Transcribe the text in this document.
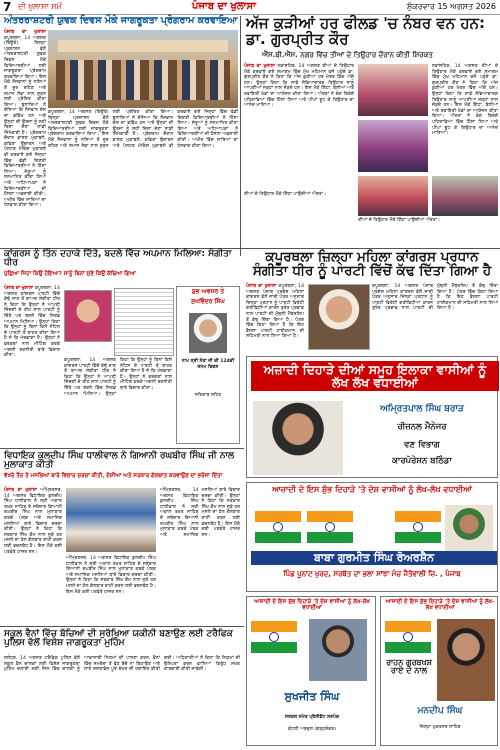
7 ਦੀ ਖੁਲਾਸਾ ਸਮੇਂ	ਪੰਜਾਬ ਦਾ ਖੁਲਾਸਾ	ਸ਼ੁੱਕਰਵਾਰ 15 ਅਗਸਤ 2026
ਅੰਤਰਰਾਸ਼ਟਰੀ ਯੁਵਕ ਦਿਵਸ ਮੌਕੇ ਜਾਗਰੂਕਤਾ ਪ੍ਰੋਗਰਾਮ ਕਰਵਾਇਆ
ਪੰਜਾਬ ਦਾ ਖੁਲਾਸਾ ਕਪੂਰਥਲਾ, 14 ਅਗਸਤ (ਬਿਊਰੋ) ਜ਼ਿਲ੍ਹਾ ਪ੍ਰਸ਼ਾਸਨ ਵੱਲੋਂ ਅੰਤਰਰਾਸ਼ਟਰੀ ਯੁਵਕ ਦਿਵਸ ਮੌਕੇ ਵਿਦਿਆਰਥੀਆਂ ਲਈ ਜਾਗਰੂਕਤਾ ਪ੍ਰੋਗਰਾਮ ਕਰਵਾਇਆ ਗਿਆ। ਇਸ ਮੌਕੇ ਨੌਜਵਾਨਾਂ ਨੂੰ ਨਸ਼ਿਆਂ ਤੋਂ ਦੂਰ ਰਹਿਣ ਅਤੇ ਸਮਾਜ ਸੇਵਾ ਨਾਲ ਜੁੜਨ ਲਈ ਪ੍ਰੇਰਿਤ ਕੀਤਾ ਗਿਆ। ਬੁਲਾਰਿਆਂ ਨੇ ਦੱਸਿਆ ਕਿ ਨੌਜਵਾਨ ਦੇਸ਼ ਦਾ ਭਵਿੱਖ ਹਨ ਅਤੇ ਉਨ੍ਹਾਂ ਦੀ ਊਰਜਾ ਨੂੰ ਸਹੀ ਦਿਸ਼ਾ ਦੇਣਾ ਸਾਡੀ ਜ਼ਿੰਮੇਵਾਰੀ ਹੈ। ਪ੍ਰੋਗਰਾਮ ਦੌਰਾਨ ਭਾਸ਼ਣ ਮੁਕਾਬਲੇ, ਕਵਿਤਾ ਉਚਾਰਨ ਅਤੇ ਪੋਸਟਰ ਮੇਕਿੰਗ ਮੁਕਾਬਲੇ ਵੀ ਕਰਵਾਏ ਗਏ ਜਿਨ੍ਹਾਂ ਵਿੱਚ ਵੱਡੀ ਗਿਣਤੀ ਵਿਦਿਆਰਥੀਆਂ ਨੇ ਹਿੱਸਾ ਲਿਆ। ਜੇਤੂਆਂ ਨੂੰ ਸਨਮਾਨਿਤ ਕੀਤਾ ਗਿਆ ਅਤੇ ਅਧਿਆਪਕਾਂ ਨੇ ਵਿਦਿਆਰਥੀਆਂ ਦੀ ਹੌਸਲਾ ਅਫ਼ਜ਼ਾਈ ਕੀਤੀ। ਅਖੀਰ ਵਿੱਚ ਸਾਰਿਆਂ ਦਾ ਧੰਨਵਾਦ ਕੀਤਾ ਗਿਆ।
ਕਪੂਰਥਲਾ, 14 ਅਗਸਤ (ਬਿਊਰੋ) ਜ਼ਿਲ੍ਹਾ ਪ੍ਰਸ਼ਾਸਨ ਵੱਲੋਂ ਅੰਤਰਰਾਸ਼ਟਰੀ ਯੁਵਕ ਦਿਵਸ ਮੌਕੇ ਵਿਦਿਆਰਥੀਆਂ ਲਈ ਜਾਗਰੂਕਤਾ ਪ੍ਰੋਗਰਾਮ ਕਰਵਾਇਆ ਗਿਆ। ਇਸ ਮੌਕੇ ਨੌਜਵਾਨਾਂ ਨੂੰ ਨਸ਼ਿਆਂ ਤੋਂ ਦੂਰ ਰਹਿਣ ਅਤੇ ਸਮਾਜ ਸੇਵਾ ਨਾਲ ਜੁੜਨ ਲਈ ਪ੍ਰੇਰਿਤ ਕੀਤਾ ਗਿਆ। ਬੁਲਾਰਿਆਂ ਨੇ ਦੱਸਿਆ ਕਿ ਨੌਜਵਾਨ ਦੇਸ਼ ਦਾ ਭਵਿੱਖ ਹਨ ਅਤੇ ਉਨ੍ਹਾਂ ਦੀ ਊਰਜਾ ਨੂੰ ਸਹੀ ਦਿਸ਼ਾ ਦੇਣਾ ਸਾਡੀ ਜ਼ਿੰਮੇਵਾਰੀ ਹੈ। ਪ੍ਰੋਗਰਾਮ ਦੌਰਾਨ ਭਾਸ਼ਣ ਮੁਕਾਬਲੇ, ਕਵਿਤਾ ਉਚਾਰਨ ਅਤੇ ਪੋਸਟਰ ਮੇਕਿੰਗ ਮੁਕਾਬਲੇ ਵੀ ਕਰਵਾਏ ਗਏ ਜਿਨ੍ਹਾਂ ਵਿੱਚ ਵੱਡੀ ਗਿਣਤੀ ਵਿਦਿਆਰਥੀਆਂ ਨੇ ਹਿੱਸਾ ਲਿਆ। ਜੇਤੂਆਂ ਨੂੰ ਸਨਮਾਨਿਤ ਕੀਤਾ ਗਿਆ ਅਤੇ ਅਧਿਆਪਕਾਂ ਨੇ ਵਿਦਿਆਰਥੀਆਂ ਦੀ ਹੌਸਲਾ ਅਫ਼ਜ਼ਾਈ ਕੀਤੀ। ਅਖੀਰ ਵਿੱਚ ਸਾਰਿਆਂ ਦਾ ਧੰਨਵਾਦ ਕੀਤਾ ਗਿਆ।
ਅੱਜ ਕੁੜੀਆਂ ਹਰ ਫੀਲਡ 'ਚ ਨੰਬਰ ਵਨ ਹਨ: ਡਾ. ਗੁਰਪ੍ਰੀਤ ਕੌਰ
ਐੱਸ.ਬੀ.ਐੱਸ. ਨਗਰ ਵਿੱਚ ਤੀਆਂ ਦੇ ਤਿਉਹਾਰ ਦੌਰਾਨ ਕੀਤੀ ਸ਼ਿਰਕਤ
ਪੰਜਾਬ ਦਾ ਖੁਲਾਸਾ ਨਵਾਂਸ਼ਹਿਰ, 14 ਅਗਸਤ ਤੀਆਂ ਦੇ ਤਿਉਹਾਰ ਮੌਕੇ ਕਰਵਾਏ ਗਏ ਸਮਾਗਮ ਵਿੱਚ ਮੁੱਖ ਮਹਿਮਾਨ ਵਜੋਂ ਪਹੁੰਚੇ ਡਾ. ਗੁਰਪ੍ਰੀਤ ਕੌਰ ਨੇ ਕਿਹਾ ਕਿ ਅੱਜ ਕੁੜੀਆਂ ਹਰ ਖੇਤਰ ਵਿੱਚ ਅੱਗੇ ਹਨ। ਉਨ੍ਹਾਂ ਕਿਹਾ ਕਿ ਸਾਡੇ ਸੱਭਿਆਚਾਰਕ ਤਿਉਹਾਰ ਸਾਨੂੰ ਆਪਣੀਆਂ ਜੜ੍ਹਾਂ ਨਾਲ ਜੋੜਦੇ ਹਨ। ਇਸ ਮੌਕੇ ਗਿੱਧਾ, ਬੋਲੀਆਂ ਅਤੇ ਰਵਾਇਤੀ ਖੇਡਾਂ ਦਾ ਆਯੋਜਨ ਕੀਤਾ ਗਿਆ। ਔਰਤਾਂ ਨੇ ਰੰਗ ਬਿਰੰਗੇ ਪਹਿਰਾਵਿਆਂ ਵਿੱਚ ਹਿੱਸਾ ਲਿਆ ਅਤੇ ਪੀਂਘਾਂ ਝੂਟ ਕੇ ਤਿਉਹਾਰ ਦਾ ਆਨੰਦ ਮਾਣਿਆ।
ਨਵਾਂਸ਼ਹਿਰ, 14 ਅਗਸਤ ਤੀਆਂ ਦੇ ਤਿਉਹਾਰ ਮੌਕੇ ਕਰਵਾਏ ਗਏ ਸਮਾਗਮ ਵਿੱਚ ਮੁੱਖ ਮਹਿਮਾਨ ਵਜੋਂ ਪਹੁੰਚੇ ਡਾ. ਗੁਰਪ੍ਰੀਤ ਕੌਰ ਨੇ ਕਿਹਾ ਕਿ ਅੱਜ ਕੁੜੀਆਂ ਹਰ ਖੇਤਰ ਵਿੱਚ ਅੱਗੇ ਹਨ। ਉਨ੍ਹਾਂ ਕਿਹਾ ਕਿ ਸਾਡੇ ਸੱਭਿਆਚਾਰਕ ਤਿਉਹਾਰ ਸਾਨੂੰ ਆਪਣੀਆਂ ਜੜ੍ਹਾਂ ਨਾਲ ਜੋੜਦੇ ਹਨ। ਇਸ ਮੌਕੇ ਗਿੱਧਾ, ਬੋਲੀਆਂ ਅਤੇ ਰਵਾਇਤੀ ਖੇਡਾਂ ਦਾ ਆਯੋਜਨ ਕੀਤਾ ਗਿਆ। ਔਰਤਾਂ ਨੇ ਰੰਗ ਬਿਰੰਗੇ ਪਹਿਰਾਵਿਆਂ ਵਿੱਚ ਹਿੱਸਾ ਲਿਆ ਅਤੇ ਪੀਂਘਾਂ ਝੂਟ ਕੇ ਤਿਉਹਾਰ ਦਾ ਆਨੰਦ ਮਾਣਿਆ।
ਤੀਆਂ ਦੇ ਤਿਉਹਾਰ ਮੌਕੇ ਗਿੱਧਾ ਪਾਉਂਦੀਆਂ ਔਰਤਾਂ।
ਤੀਆਂ ਦੇ ਤਿਉਹਾਰ ਮੌਕੇ ਗਿੱਧਾ ਪਾਉਂਦੀਆਂ ਔਰਤਾਂ।
ਕਪੂਰਥਲਾ ਜ਼ਿਲ੍ਹਾ ਮਹਿਲਾ ਕਾਂਗਰਸ ਪ੍ਰਧਾਨ ਸੰਗੀਤਾ ਧੀਰ ਨੂੰ ਪਾਰਟੀ ਵਿੱਚੋਂ ਕੱਢ ਦਿੱਤਾ ਗਿਆ ਹੈ
ਕਾਂਗਰਸ ਨੂੰ ਤਿੰਨ ਦਹਾਕੇ ਦਿੱਤੇ, ਬਦਲੇ ਵਿੱਚ ਅਪਮਾਨ ਮਿਲਿਆ: ਸੰਗੀਤਾ ਧੀਰ
ਪੁੱਛਿਆ ਜਿਹਾ ਕਿਉਂ ਹੋਇਆ? ਸਾਨੂੰ ਬਿਨਾਂ ਸੁਣੇ ਕਿਉਂ ਕੱਢਿਆ ਗਿਆ
ਪੰਜਾਬ ਦਾ ਖੁਲਾਸਾ ਕਪੂਰਥਲਾ, 14 ਅਗਸਤ ਕਾਂਗਰਸ ਪਾਰਟੀ ਵਿੱਚੋਂ ਕੱਢੇ ਜਾਣ ਤੋਂ ਬਾਅਦ ਸੰਗੀਤਾ ਧੀਰ ਨੇ ਕਿਹਾ ਕਿ ਉਨ੍ਹਾਂ ਨੇ ਆਪਣੀ ਜ਼ਿੰਦਗੀ ਦੇ ਤੀਹ ਸਾਲ ਪਾਰਟੀ ਨੂੰ ਦਿੱਤੇ ਪਰ ਬਦਲੇ ਵਿੱਚ ਸਿਰਫ਼ ਅਪਮਾਨ ਮਿਲਿਆ। ਉਨ੍ਹਾਂ ਕਿਹਾ ਕਿ ਉਨ੍ਹਾਂ ਨੂੰ ਬਿਨਾਂ ਕਿਸੇ ਨੋਟਿਸ ਦੇ ਪਾਰਟੀ ਤੋਂ ਬਾਹਰ ਕੀਤਾ ਗਿਆ ਹੈ ਜੋ ਕਿ ਮੰਦਭਾਗਾ ਹੈ। ਉਨ੍ਹਾਂ ਨੇ ਵਰਕਰਾਂ ਨਾਲ ਮੀਟਿੰਗ ਕਰਕੇ ਅਗਲੀ ਰਣਨੀਤੀ ਬਾਰੇ ਵਿਚਾਰ ਕੀਤਾ।
ਕਪੂਰਥਲਾ, 14 ਅਗਸਤ ਕਾਂਗਰਸ ਪਾਰਟੀ ਵਿੱਚੋਂ ਕੱਢੇ ਜਾਣ ਤੋਂ ਬਾਅਦ ਸੰਗੀਤਾ ਧੀਰ ਨੇ ਕਿਹਾ ਕਿ ਉਨ੍ਹਾਂ ਨੇ ਆਪਣੀ ਜ਼ਿੰਦਗੀ ਦੇ ਤੀਹ ਸਾਲ ਪਾਰਟੀ ਨੂੰ ਦਿੱਤੇ ਪਰ ਬਦਲੇ ਵਿੱਚ ਸਿਰਫ਼ ਅਪਮਾਨ ਮਿਲਿਆ। ਉਨ੍ਹਾਂ ਕਿਹਾ ਕਿ ਉਨ੍ਹਾਂ ਨੂੰ ਬਿਨਾਂ ਕਿਸੇ ਨੋਟਿਸ ਦੇ ਪਾਰਟੀ ਤੋਂ ਬਾਹਰ ਕੀਤਾ ਗਿਆ ਹੈ ਜੋ ਕਿ ਮੰਦਭਾਗਾ ਹੈ। ਉਨ੍ਹਾਂ ਨੇ ਵਰਕਰਾਂ ਨਾਲ ਮੀਟਿੰਗ ਕਰਕੇ ਅਗਲੀ ਰਣਨੀਤੀ ਬਾਰੇ ਵਿਚਾਰ ਕੀਤਾ।
ਸ਼ੁਭ ਅਵਸਰ ਤੇ
ਸੁਖਵਿੰਦਰ ਸਿੰਘ
ਨਾਮ ਸ੍ਰੀ ਨੇਤਾ ਜੀ ਦੀ 124ਵੀਂ ਜਨਮ ਦਿਵਸ
ਸਤਿਕਾਰ ਸਹਿਤ
ਪੰਜਾਬ ਦਾ ਖੁਲਾਸਾ ਕਪੂਰਥਲਾ, 14 ਅਗਸਤ ਪੰਜਾਬ ਪ੍ਰਦੇਸ਼ ਮਹਿਲਾ ਕਾਂਗਰਸ ਵੱਲੋਂ ਜਾਰੀ ਪੱਤਰ ਅਨੁਸਾਰ ਜ਼ਿਲ੍ਹਾ ਪ੍ਰਧਾਨ ਨੂੰ ਪਾਰਟੀ ਵਿਰੋਧੀ ਗਤੀਵਿਧੀਆਂ ਕਾਰਨ ਤੁਰੰਤ ਪ੍ਰਭਾਵ ਨਾਲ ਪਾਰਟੀ ਦੀ ਮੁੱਢਲੀ ਮੈਂਬਰਸ਼ਿਪ ਤੋਂ ਕੱਢ ਦਿੱਤਾ ਗਿਆ ਹੈ। ਪੱਤਰ ਵਿੱਚ ਕਿਹਾ ਗਿਆ ਹੈ ਕਿ ਇਹ ਫੈਸਲਾ ਪਾਰਟੀ ਹਾਈਕਮਾਨ ਦੀ ਸਹਿਮਤੀ ਨਾਲ ਲਿਆ ਗਿਆ ਹੈ।
ਕਪੂਰਥਲਾ, 14 ਅਗਸਤ ਪੰਜਾਬ ਪ੍ਰਦੇਸ਼ ਮਹਿਲਾ ਕਾਂਗਰਸ ਵੱਲੋਂ ਜਾਰੀ ਪੱਤਰ ਅਨੁਸਾਰ ਜ਼ਿਲ੍ਹਾ ਪ੍ਰਧਾਨ ਨੂੰ ਪਾਰਟੀ ਵਿਰੋਧੀ ਗਤੀਵਿਧੀਆਂ ਕਾਰਨ ਤੁਰੰਤ ਪ੍ਰਭਾਵ ਨਾਲ ਪਾਰਟੀ ਦੀ ਮੁੱਢਲੀ ਮੈਂਬਰਸ਼ਿਪ ਤੋਂ ਕੱਢ ਦਿੱਤਾ ਗਿਆ ਹੈ। ਪੱਤਰ ਵਿੱਚ ਕਿਹਾ ਗਿਆ ਹੈ ਕਿ ਇਹ ਫੈਸਲਾ ਪਾਰਟੀ ਹਾਈਕਮਾਨ ਦੀ ਸਹਿਮਤੀ ਨਾਲ ਲਿਆ ਗਿਆ ਹੈ।
ਅਜ਼ਾਦੀ ਦਿਹਾੜੇ ਦੀਆਂ ਸਮੂਹ ਇਲਾਕਾ ਵਾਸੀਆਂ ਨੂੰ ਲੱਖ ਲੱਖ ਵਧਾਈਆਂ
ਅਮ੍ਰਿਤਪਾਲ ਸਿੰਘ ਬਰਾੜ
ਰੀਜ਼ਨਲ ਮੈਨੇਜਰ
ਵਣ ਵਿਭਾਗ
ਕਾਰਪੋਰੇਸ਼ਨ ਬਠਿੰਡਾ
ਵਿਧਾਇਕ ਕੁਲਦੀਪ ਸਿੰਘ ਧਾਲੀਵਾਲ ਨੇ ਗਿਆਨੀ ਰਘਬੀਰ ਸਿੰਘ ਜੀ ਨਾਲ ਮੁਲਾਕਾਤ ਕੀਤੀ
ਵੱਖਰੇ ਤੌਰ ਤੇ ਮਸਲਿਆਂ ਬਾਰੇ ਵਿਚਾਰ ਚਰਚਾ ਕੀਤੀ, ਦੇਸ਼ੀਆਂ ਅਤੇ ਸਰਕਾਰ ਗੱਲਬਾਤ ਕਰਵਾਉਣ ਦਾ ਭਰੋਸਾ ਦਿੱਤਾ
ਪੰਜਾਬ ਦਾ ਖੁਲਾਸਾ ਅੰਮ੍ਰਿਤਸਰ, 14 ਅਗਸਤ ਵਿਧਾਇਕ ਕੁਲਦੀਪ ਸਿੰਘ ਧਾਲੀਵਾਲ ਨੇ ਸ੍ਰੀ ਅਕਾਲ ਤਖ਼ਤ ਸਾਹਿਬ ਦੇ ਜਥੇਦਾਰ ਗਿਆਨੀ ਰਘਬੀਰ ਸਿੰਘ ਨਾਲ ਮੁਲਾਕਾਤ ਕਰਕੇ ਪੰਥਕ ਅਤੇ ਸਮਾਜਿਕ ਮਸਲਿਆਂ ਬਾਰੇ ਵਿਚਾਰ ਚਰਚਾ ਕੀਤੀ। ਉਨ੍ਹਾਂ ਨੇ ਕਿਹਾ ਕਿ ਸਰਕਾਰ ਸਿੱਖ ਕੌਮ ਨਾਲ ਜੁੜੇ ਹਰ ਮਸਲੇ ਦਾ ਹੱਲ ਗੱਲਬਾਤ ਰਾਹੀਂ ਕਰਨ ਲਈ ਵਚਨਬੱਧ ਹੈ। ਇਸ ਮੌਕੇ ਕਈ ਪਤਵੰਤੇ ਹਾਜ਼ਰ ਸਨ।
ਅੰਮ੍ਰਿਤਸਰ, 14 ਅਗਸਤ ਵਿਧਾਇਕ ਕੁਲਦੀਪ ਸਿੰਘ ਧਾਲੀਵਾਲ ਨੇ ਸ੍ਰੀ ਅਕਾਲ ਤਖ਼ਤ ਸਾਹਿਬ ਦੇ ਜਥੇਦਾਰ ਗਿਆਨੀ ਰਘਬੀਰ ਸਿੰਘ ਨਾਲ ਮੁਲਾਕਾਤ ਕਰਕੇ ਪੰਥਕ ਅਤੇ ਸਮਾਜਿਕ ਮਸਲਿਆਂ ਬਾਰੇ ਵਿਚਾਰ ਚਰਚਾ ਕੀਤੀ। ਉਨ੍ਹਾਂ ਨੇ ਕਿਹਾ ਕਿ ਸਰਕਾਰ ਸਿੱਖ ਕੌਮ ਨਾਲ ਜੁੜੇ ਹਰ ਮਸਲੇ ਦਾ ਹੱਲ ਗੱਲਬਾਤ ਰਾਹੀਂ ਕਰਨ ਲਈ ਵਚਨਬੱਧ ਹੈ। ਇਸ ਮੌਕੇ ਕਈ ਪਤਵੰਤੇ ਹਾਜ਼ਰ ਸਨ।
ਅੰਮ੍ਰਿਤਸਰ, 14 ਅਗਸਤ ਵਿਧਾਇਕ ਕੁਲਦੀਪ ਸਿੰਘ ਧਾਲੀਵਾਲ ਨੇ ਸ੍ਰੀ ਅਕਾਲ ਤਖ਼ਤ ਸਾਹਿਬ ਦੇ ਜਥੇਦਾਰ ਗਿਆਨੀ ਰਘਬੀਰ ਸਿੰਘ ਨਾਲ ਮੁਲਾਕਾਤ ਕਰਕੇ ਪੰਥਕ ਅਤੇ ਸਮਾਜਿਕ ਮਸਲਿਆਂ ਬਾਰੇ ਵਿਚਾਰ ਚਰਚਾ ਕੀਤੀ। ਉਨ੍ਹਾਂ ਨੇ ਕਿਹਾ ਕਿ ਸਰਕਾਰ ਸਿੱਖ ਕੌਮ ਨਾਲ ਜੁੜੇ ਹਰ ਮਸਲੇ ਦਾ ਹੱਲ ਗੱਲਬਾਤ ਰਾਹੀਂ ਕਰਨ ਲਈ ਵਚਨਬੱਧ ਹੈ। ਇਸ ਮੌਕੇ ਕਈ ਪਤਵੰਤੇ ਹਾਜ਼ਰ ਸਨ।
ਆਜ਼ਾਦੀ ਦੇ ਇਸ ਸ਼ੁੱਭ ਦਿਹਾੜੇ 'ਤੇ ਦੇਸ਼ ਵਾਸੀਆਂ ਨੂੰ ਲੱਖ-ਲੱਖ ਵਧਾਈਆਂ
ਬਾਬਾ ਗੁਰਮੀਤ ਸਿੰਘ ਰੋਅਰਸ਼ੈਨ
ਪਿੰਡ ਪੂਨਾਟ ਖੁਰਦ, ਸਰਬੱਤ ਦਾ ਭਲਾ ਸਾਂਝਾ ਮੰਚ ਜੈਤੋਵਾਲੀ ਜ਼ਿ. , ਪੰਜਾਬ
ਸਕੂਲ ਵੈਨਾਂ ਵਿੱਚ ਬੱਚਿਆਂ ਦੀ ਸੁਰੱਖਿਆ ਯਕੀਨੀ ਬਣਾਉਣ ਲਈ ਟਰੈਫਿਕ ਪੁਲਿਸ ਵੱਲੋਂ ਵਿਸ਼ੇਸ਼ ਜਾਗਰੂਕਤਾ ਮੁਹਿੰਮ
ਜਲੰਧਰ, 14 ਅਗਸਤ ਟਰੈਫਿਕ ਪੁਲਿਸ ਵੱਲੋਂ ਸਕੂਲ ਵੈਨ ਚਾਲਕਾਂ ਲਈ ਵਿਸ਼ੇਸ਼ ਜਾਗਰੂਕਤਾ ਮੁਹਿੰਮ ਚਲਾਈ ਗਈ ਜਿਸ ਵਿੱਚ ਚਾਲਕਾਂ ਨੂੰ ਆਵਾਜਾਈ ਨਿਯਮਾਂ ਦੀ ਪਾਲਣਾ ਕਰਨ, ਵੈਨਾਂ ਵਿੱਚ ਸਮਰੱਥਾ ਤੋਂ ਵੱਧ ਬੱਚੇ ਨਾ ਬਿਠਾਉਣ ਅਤੇ ਸਾਰੇ ਦਸਤਾਵੇਜ਼ ਪੂਰੇ ਰੱਖਣ ਦੀ ਹਦਾਇਤ ਕੀਤੀ ਗਈ। ਅਧਿਕਾਰੀਆਂ ਨੇ ਕਿਹਾ ਕਿ ਨਿਯਮਾਂ ਦੀ ਉਲੰਘਣਾ ਕਰਨ ਵਾਲਿਆਂ ਵਿਰੁੱਧ ਸਖ਼ਤ ਕਾਰਵਾਈ ਕੀਤੀ ਜਾਵੇਗੀ।
ਆਜ਼ਾਦੀ ਦੇ ਇਸ ਸ਼ੁੱਭ ਦਿਹਾੜੇ 'ਤੇ ਦੇਸ਼ ਵਾਸੀਆਂ ਨੂੰ ਲੱਖ-ਲੱਖ ਵਧਾਈਆਂ
ਸੁਖਜੀਤ ਸਿੰਘ
ਸਰਕਲ ਸਮੇਤ ਪ੍ਰੈਸੀਡੈਂਟ ਸਰਪੰਚ
ਕੋਟਲੀ ਅਬਦੁਲ (ਗੜ੍ਹਸ਼ੰਕਰ)
ਆਜ਼ਾਦੀ ਦੇ ਇਸ ਸ਼ੁੱਭ ਦਿਹਾੜੇ 'ਤੇ ਦੇਸ਼ ਵਾਸੀਆਂ ਨੂੰ ਲੱਖ-ਲੱਖ ਵਧਾਈਆਂ
ਰਾਹਨ ਗੁਰਬਖਸ਼ ਰਾਏ ਦੇ ਨਾਲ
ਮਨਦੀਪ ਸਿੰਘ
ਜ਼ਿਲ੍ਹਾ ਮੁਕਤਸਰ ਸਾਹਿਬ
